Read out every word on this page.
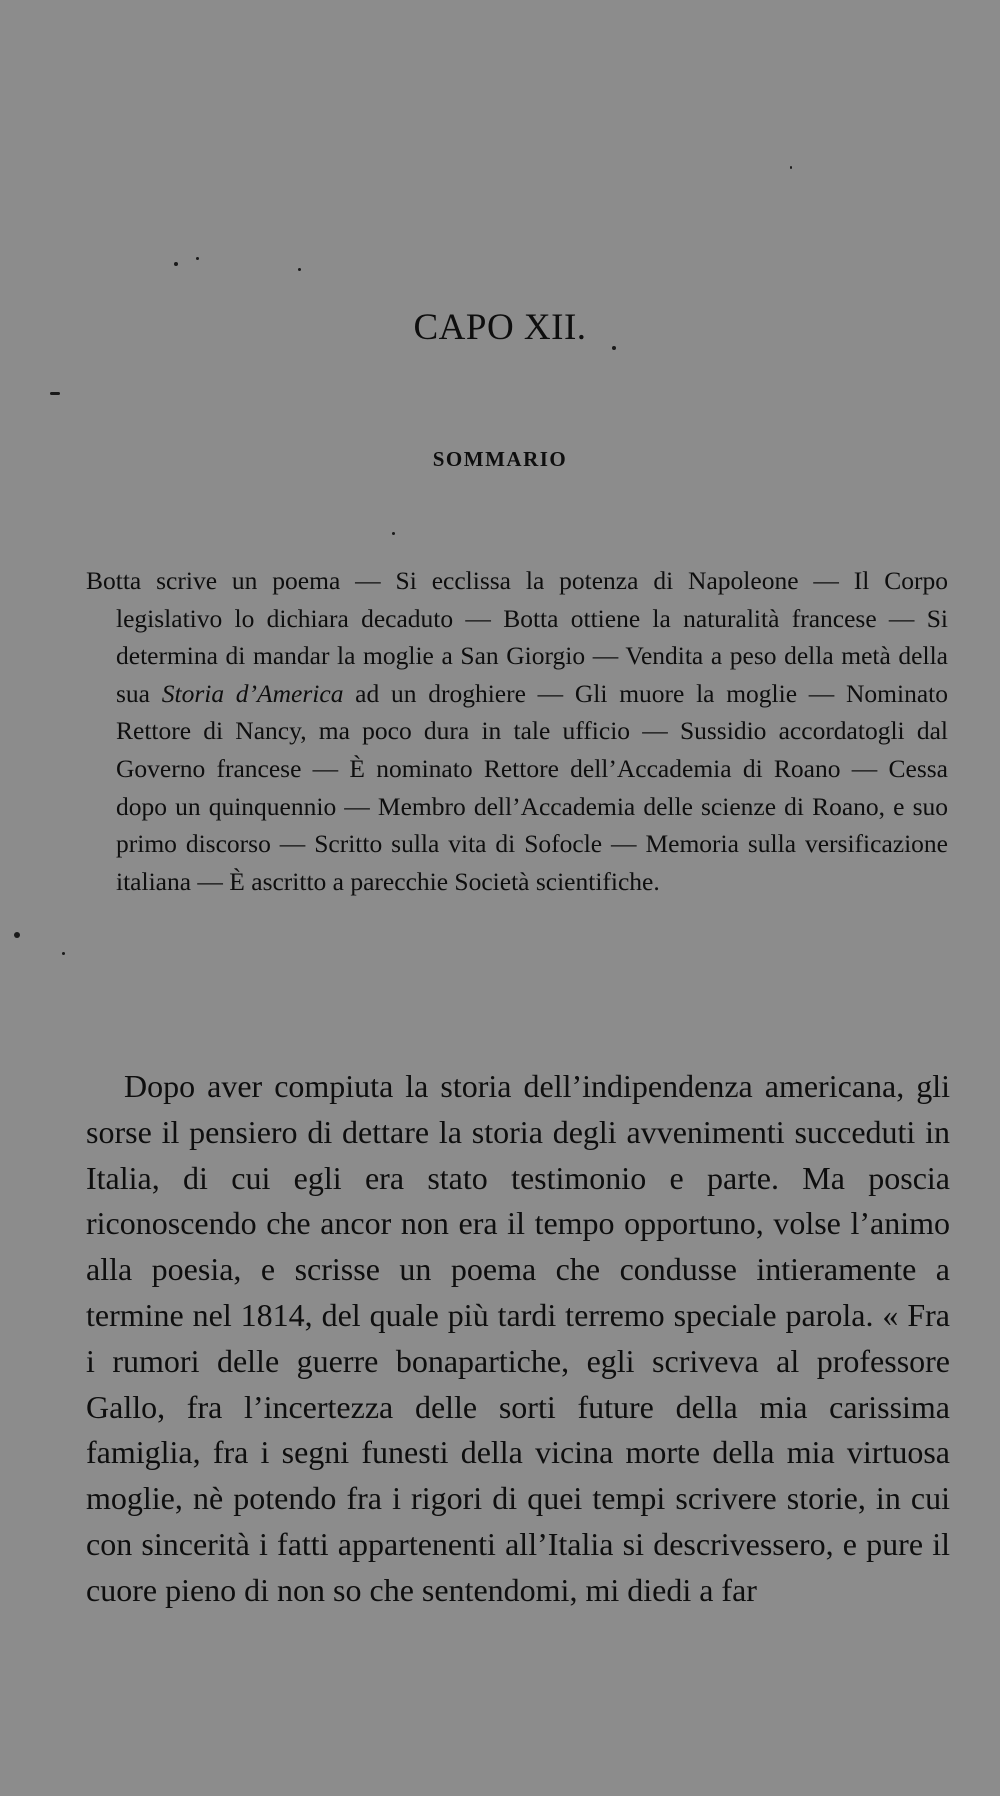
CAPO XII.
SOMMARIO
Botta scrive un poema — Si ecclissa la potenza di Napoleone — Il Corpo legislativo lo dichiara decaduto — Botta ottiene la naturalità francese — Si determina di mandar la moglie a San Giorgio — Vendita a peso della metà della sua Storia d’America ad un droghiere — Gli muore la moglie — Nominato Rettore di Nancy, ma poco dura in tale ufficio — Sussidio accordatogli dal Governo francese — È nominato Rettore dell’Accademia di Roano — Cessa dopo un quinquennio — Membro dell’Accademia delle scienze di Roano, e suo primo discorso — Scritto sulla vita di Sofocle — Memoria sulla versificazione italiana — È ascritto a parecchie Società scientifiche.
Dopo aver compiuta la storia dell’indipendenza americana, gli sorse il pensiero di dettare la storia degli avvenimenti succeduti in Italia, di cui egli era stato testimonio e parte. Ma poscia riconoscendo che ancor non era il tempo opportuno, volse l’animo alla poesia, e scrisse un poema che condusse intieramente a termine nel 1814, del quale più tardi terremo speciale parola. « Fra i rumori delle guerre bonapartiche, egli scriveva al professore Gallo, fra l’incertezza delle sorti future della mia carissima famiglia, fra i segni funesti della vicina morte della mia virtuosa moglie, nè potendo fra i rigori di quei tempi scrivere storie, in cui con sincerità i fatti appartenenti all’Italia si descrivessero, e pure il cuore pieno di non so che sentendomi, mi diedi a far
